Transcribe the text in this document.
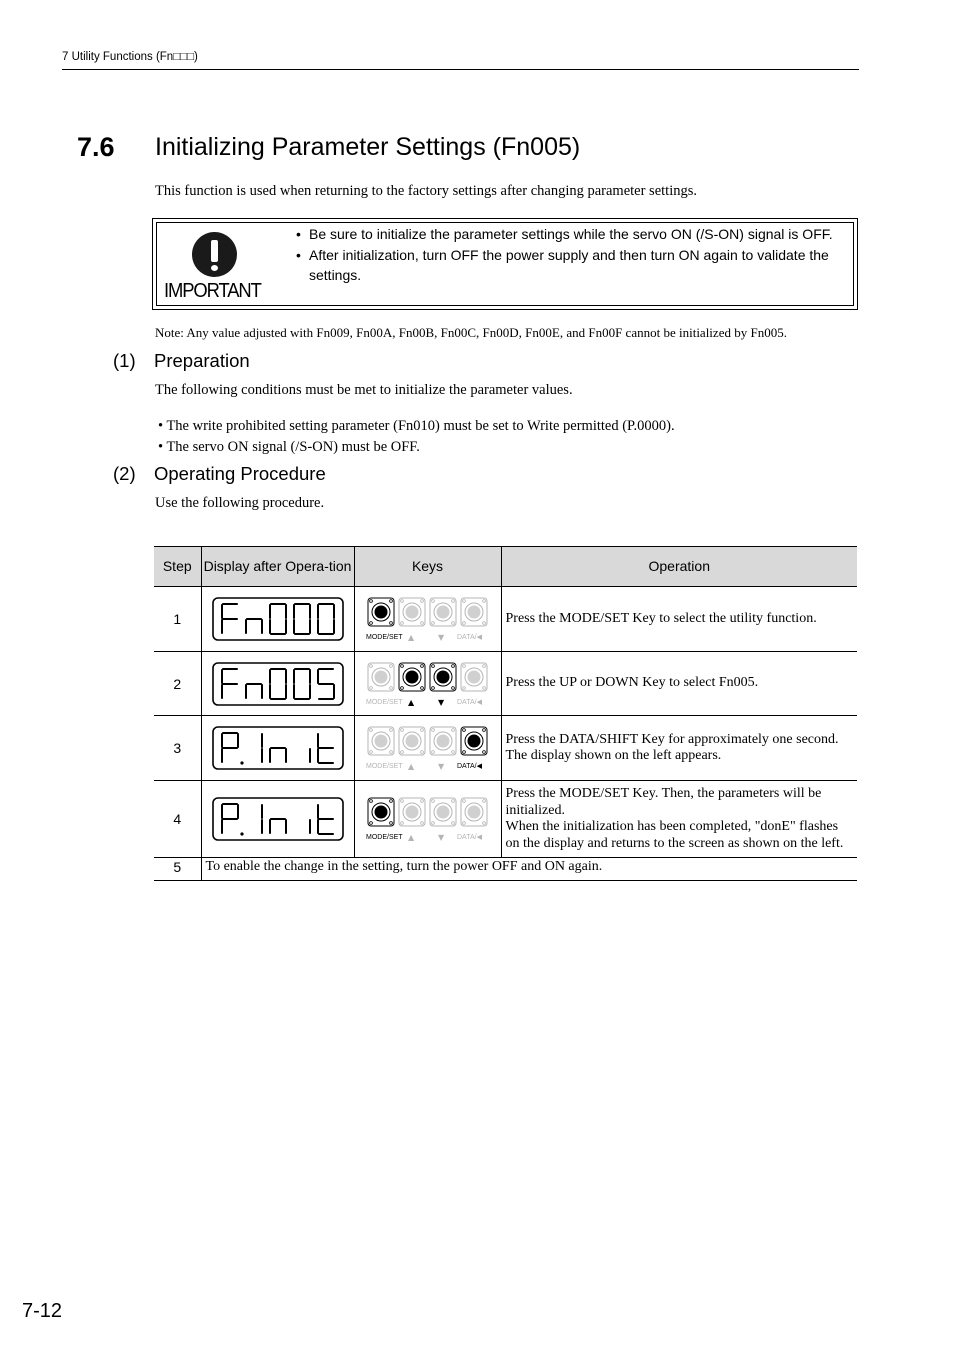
7 Utility Functions (Fn□□□)
7.6 Initializing Parameter Settings (Fn005)
This function is used when returning to the factory settings after changing parameter settings.
IMPORTANT
• Be sure to initialize the parameter settings while the servo ON (/S-ON) signal is OFF.
• After initialization, turn OFF the power supply and then turn ON again to validate the settings.
Note: Any value adjusted with Fn009, Fn00A, Fn00B, Fn00C, Fn00D, Fn00E, and Fn00F cannot be initialized by Fn005.
(1) Preparation
The following conditions must be met to initialize the parameter values.
• The write prohibited setting parameter (Fn010) must be set to Write permitted (P.0000).
• The servo ON signal (/S-ON) must be OFF.
(2) Operating Procedure
Use the following procedure.
Step	Display after Opera-tion	Keys	Operation
1		MODE/SET ▲ ▼ DATA/◀	Press the MODE/SET Key to select the utility function.
2		MODE/SET ▲ ▼ DATA/◀	Press the UP or DOWN Key to select Fn005.
3		MODE/SET ▲ ▼ DATA/◀	Press the DATA/SHIFT Key for approximately one second. The display shown on the left appears.
4		MODE/SET ▲ ▼ DATA/◀	Press the MODE/SET Key. Then, the parameters will be initialized.
When the initialization has been completed, "donE" flashes on the display and returns to the screen as shown on the left.
5	To enable the change in the setting, turn the power OFF and ON again.		
7-12
